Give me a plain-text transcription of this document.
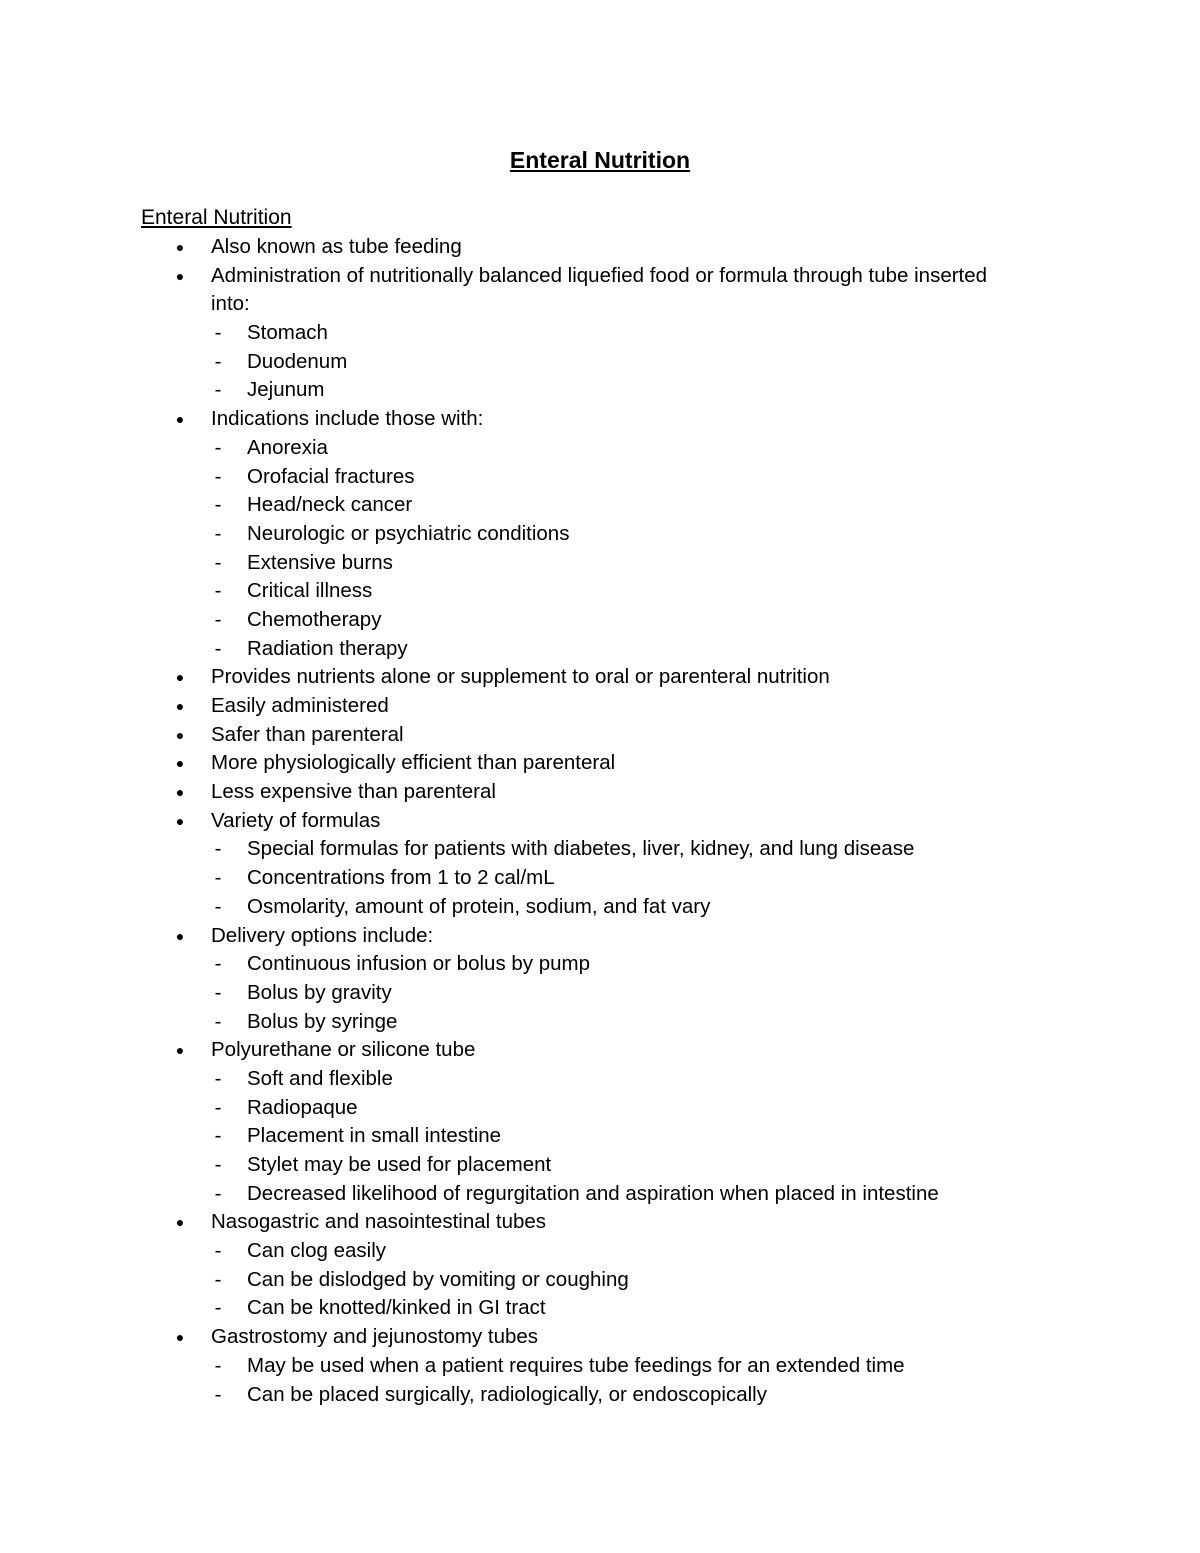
Enteral Nutrition
Enteral Nutrition
● Also known as tube feeding
● Administration of nutritionally balanced liquefied food or formula through tube inserted
into:
- Stomach
- Duodenum
- Jejunum
● Indications include those with:
- Anorexia
- Orofacial fractures
- Head/neck cancer
- Neurologic or psychiatric conditions
- Extensive burns
- Critical illness
- Chemotherapy
- Radiation therapy
● Provides nutrients alone or supplement to oral or parenteral nutrition
● Easily administered
● Safer than parenteral
● More physiologically efficient than parenteral
● Less expensive than parenteral
● Variety of formulas
- Special formulas for patients with diabetes, liver, kidney, and lung disease
- Concentrations from 1 to 2 cal/mL
- Osmolarity, amount of protein, sodium, and fat vary
● Delivery options include:
- Continuous infusion or bolus by pump
- Bolus by gravity
- Bolus by syringe
● Polyurethane or silicone tube
- Soft and flexible
- Radiopaque
- Placement in small intestine
- Stylet may be used for placement
- Decreased likelihood of regurgitation and aspiration when placed in intestine
● Nasogastric and nasointestinal tubes
- Can clog easily
- Can be dislodged by vomiting or coughing
- Can be knotted/kinked in GI tract
● Gastrostomy and jejunostomy tubes
- May be used when a patient requires tube feedings for an extended time
- Can be placed surgically, radiologically, or endoscopically
